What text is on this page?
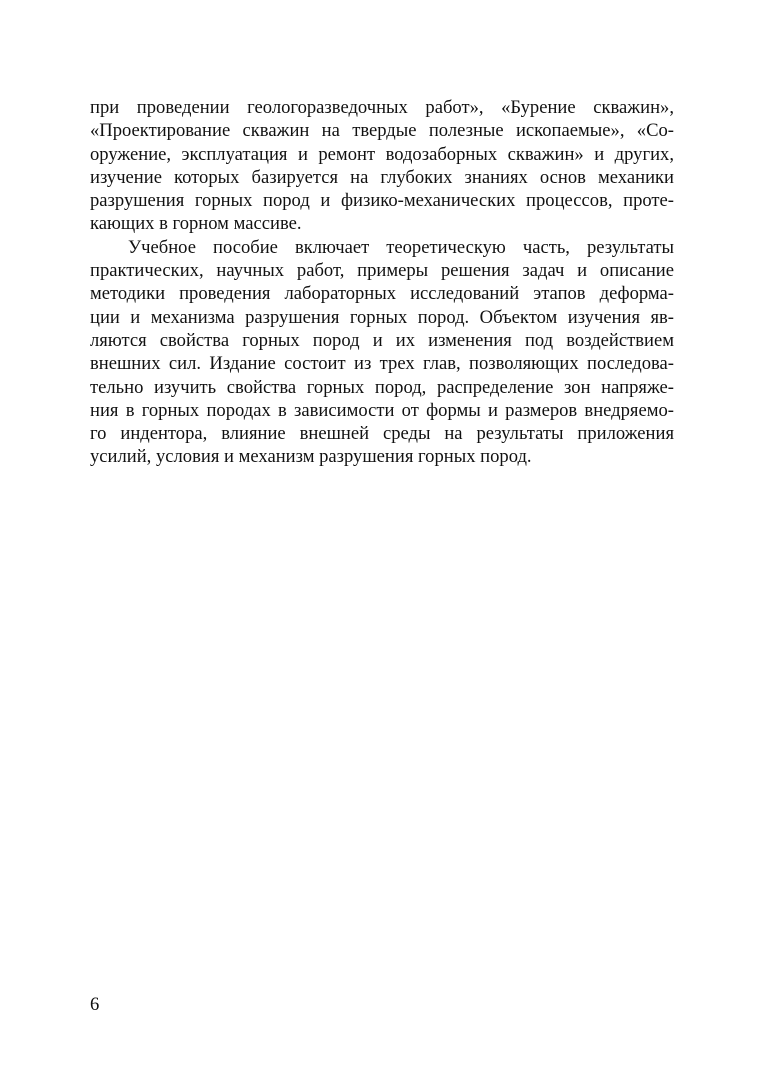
при проведении геологоразведочных работ», «Бурение скважин»,
«Проектирование скважин на твердые полезные ископаемые», «Со-
оружение, эксплуатация и ремонт водозаборных скважин» и других,
изучение которых базируется на глубоких знаниях основ механики
разрушения горных пород и физико-механических процессов, проте-
кающих в горном массиве.

Учебное пособие включает теоретическую часть, результаты
практических, научных работ, примеры решения задач и описание
методики проведения лабораторных исследований этапов деформа-
ции и механизма разрушения горных пород. Объектом изучения яв-
ляются свойства горных пород и их изменения под воздействием
внешних сил. Издание состоит из трех глав, позволяющих последова-
тельно изучить свойства горных пород, распределение зон напряже-
ния в горных породах в зависимости от формы и размеров внедряемо-
го индентора, влияние внешней среды на результаты приложения
усилий, условия и механизм разрушения горных пород.

6
